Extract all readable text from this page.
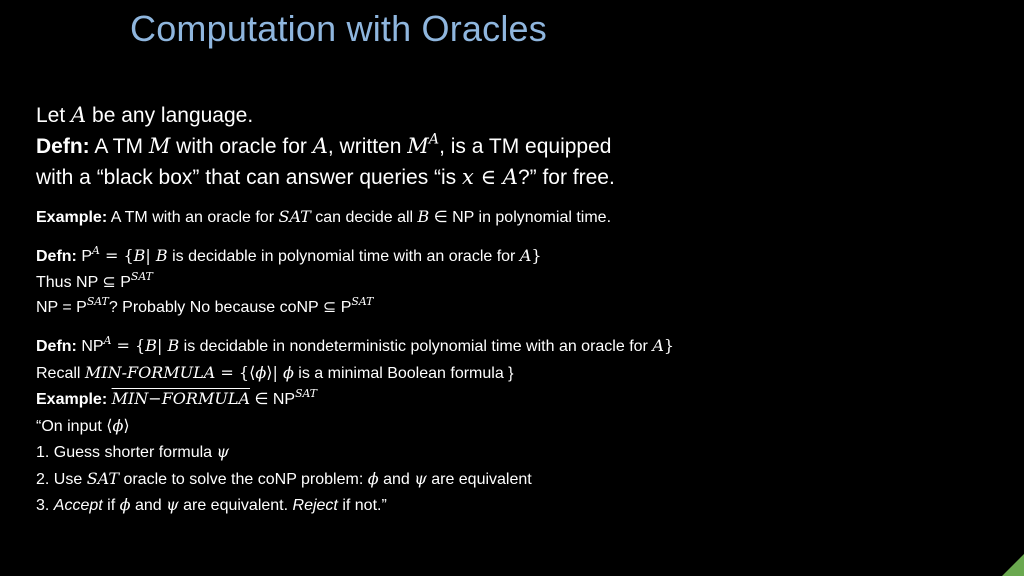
Computation with Oracles
Let A be any language.
Defn: A TM M with oracle for A, written $M^A$, is a TM equipped
with a “black box” that can answer queries “is x ∈ A?” for free.
Example: A TM with an oracle for SAT can decide all B ∈ NP in polynomial time.
Defn: $P^A = \{B|$ B is decidable in polynomial time with an oracle for A}
Thus NP ⊆ $P^{SAT}$
NP = $P^{SAT}$? Probably No because coNP ⊆ $P^{SAT}$
Defn: $NP^A = \{B|$ B is decidable in nondeterministic polynomial time with an oracle for A}
Recall MIN-FORMULA = {⟨ϕ⟩| ϕ is a minimal Boolean formula }
Example: MIN−FORMULA ∈ $NP^{SAT}$
“On input ⟨ϕ⟩
1. Guess shorter formula ψ
2. Use SAT oracle to solve the coNP problem: ϕ and ψ are equivalent
3. Accept if ϕ and ψ are equivalent. Reject if not.”
